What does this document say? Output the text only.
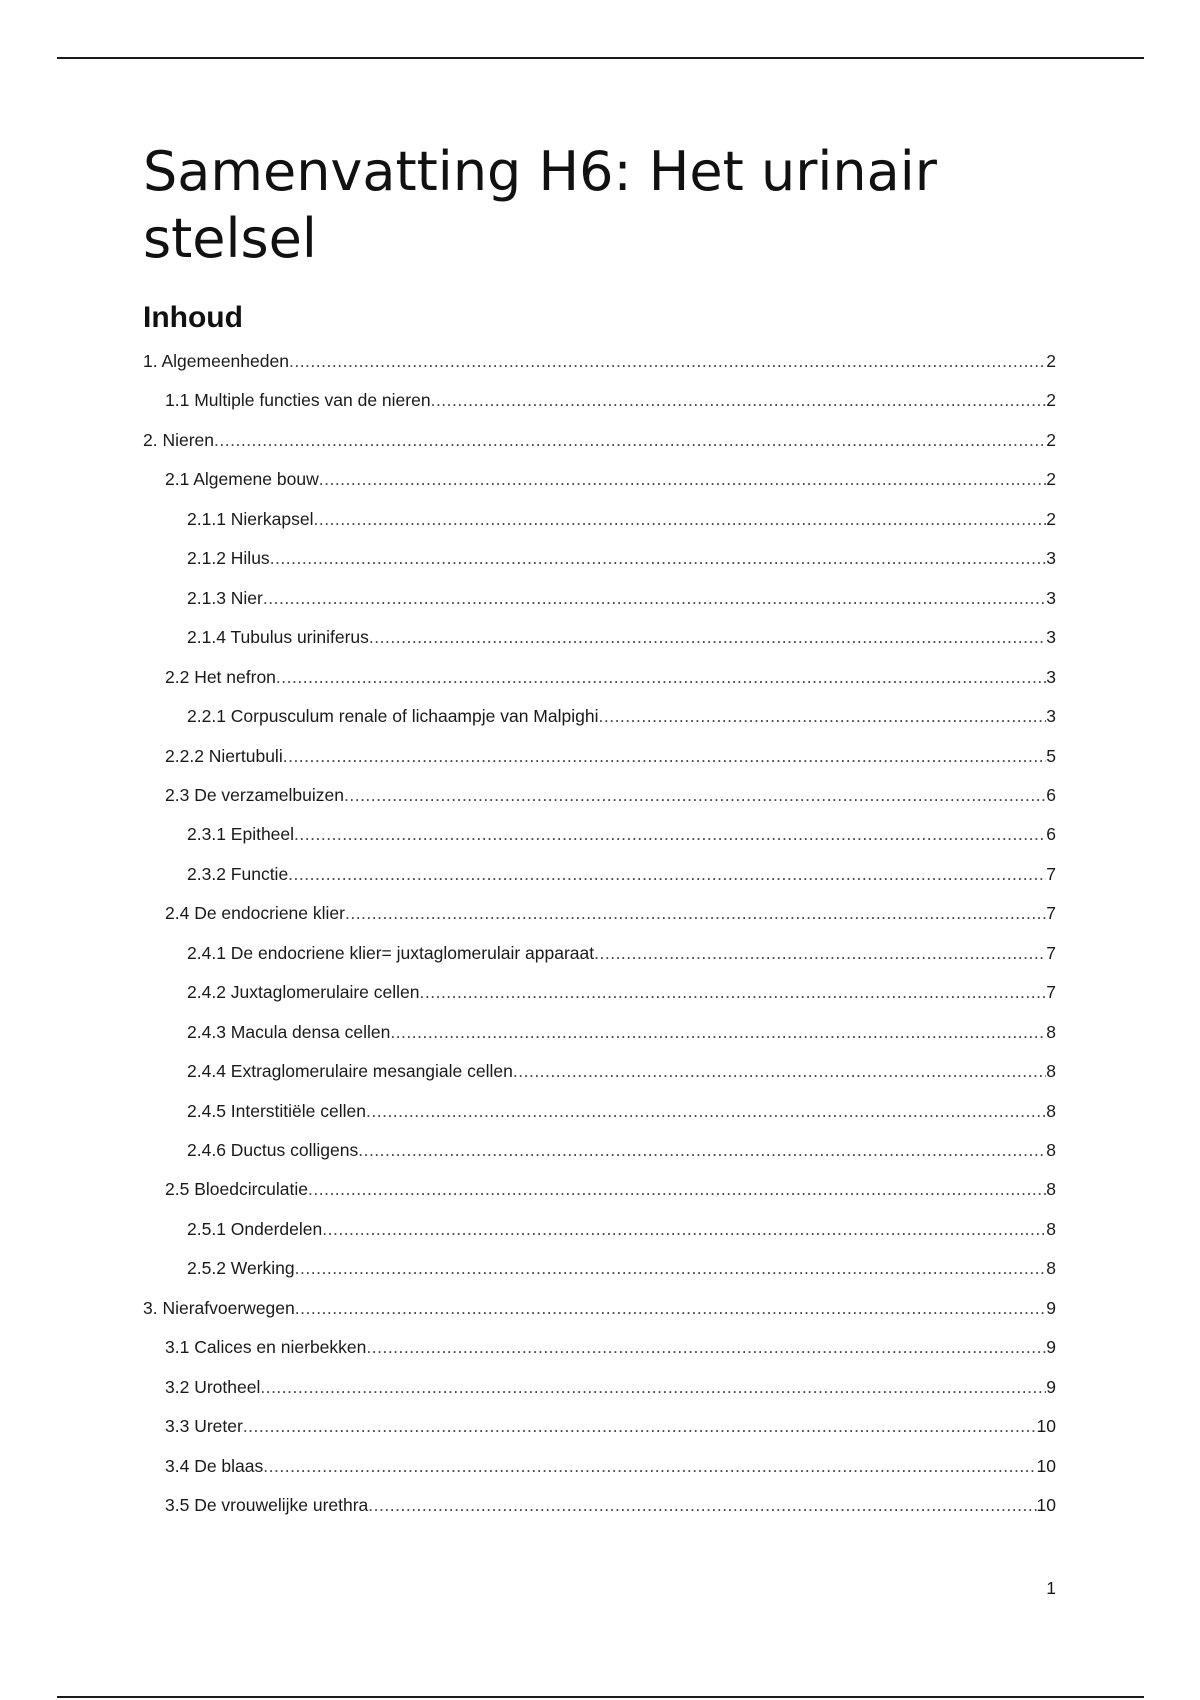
Samenvatting H6: Het urinair stelsel
Inhoud
1. Algemeenheden .....	2
1.1 Multiple functies van de nieren .....	2
2. Nieren .....	2
2.1 Algemene bouw .....	2
2.1.1 Nierkapsel .....	2
2.1.2 Hilus .....	3
2.1.3 Nier .....	3
2.1.4 Tubulus uriniferus .....	3
2.2 Het nefron .....	3
2.2.1 Corpusculum renale of lichaampje van Malpighi .....	3
2.2.2 Niertubuli .....	5
2.3 De verzamelbuizen .....	6
2.3.1 Epitheel .....	6
2.3.2 Functie .....	7
2.4 De endocriene klier .....	7
2.4.1 De endocriene klier= juxtaglomerulair apparaat .....	7
2.4.2 Juxtaglomerulaire cellen .....	7
2.4.3 Macula densa cellen .....	8
2.4.4 Extraglomerulaire mesangiale cellen .....	8
2.4.5 Interstitiële cellen .....	8
2.4.6 Ductus colligens .....	8
2.5 Bloedcirculatie .....	8
2.5.1 Onderdelen .....	8
2.5.2 Werking .....	8
3. Nierafvoerwegen .....	9
3.1 Calices en nierbekken .....	9
3.2 Urotheel .....	9
3.3 Ureter .....	10
3.4 De blaas .....	10
3.5 De vrouwelijke urethra .....	10
1
